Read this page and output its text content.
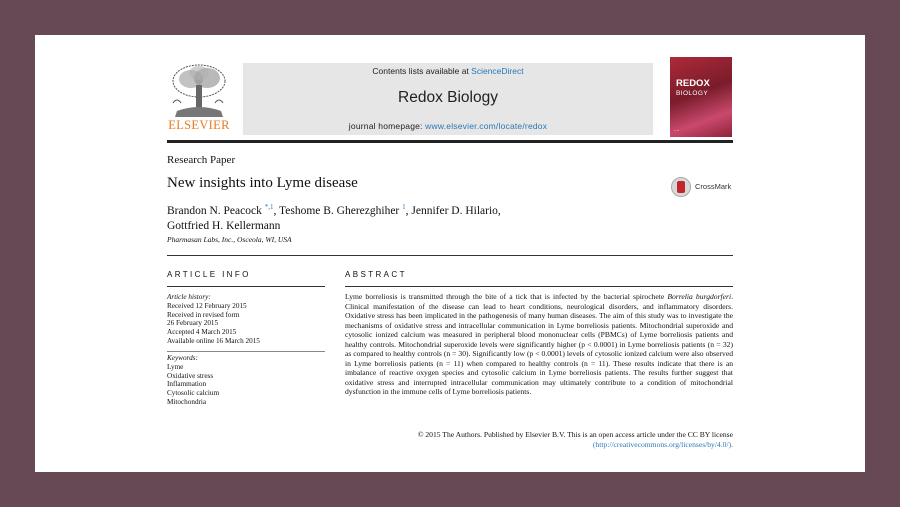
ELSEVIER
Contents lists available at ScienceDirect
Redox Biology
journal homepage: www.elsevier.com/locate/redox
REDOX
BIOLOGY
◦ ◦
Research Paper
New insights into Lyme disease
Brandon N. Peacock $^{*,1}$, Teshome B. Gherezghiher $^1$, Jennifer D. Hilario,
Gottfried H. Kellermann
Pharmasan Labs, Inc., Osceola, WI, USA
CrossMark
ARTICLE INFO	ABSTRACT
Article history:
Received 12 February 2015
Received in revised form
26 February 2015
Accepted 4 March 2015
Available online 16 March 2015
Keywords:
Lyme
Oxidative stress
Inflammation
Cytosolic calcium
Mitochondria
Lyme borreliosis is transmitted through the bite of a tick that is infected by the bacterial spirochete Borrelia burgdorferi. Clinical manifestation of the disease can lead to heart conditions, neurological disorders, and inflammatory disorders. Oxidative stress has been implicated in the pathogenesis of many human diseases. The aim of this study was to investigate the mechanisms of oxidative stress and intracellular communication in Lyme borreliosis patients. Mitochondrial superoxide and cytosolic ionized calcium was measured in peripheral blood mononuclear cells (PBMCs) of Lyme borreliosis patients and healthy controls. Mitochondrial superoxide levels were significantly higher (p < 0.0001) in Lyme borreliosis patients (n = 32) as compared to healthy controls (n = 30). Significantly low (p < 0.0001) levels of cytosolic ionized calcium were also observed in Lyme borreliosis patients (n = 11) when compared to healthy controls (n = 11). These results indicate that there is an imbalance of reactive oxygen species and cytosolic calcium in Lyme borreliosis patients. The results further suggest that oxidative stress and interrupted intracellular communication may ultimately contribute to a condition of mitochondrial dysfunction in the immune cells of Lyme borreliosis patients.
© 2015 The Authors. Published by Elsevier B.V. This is an open access article under the CC BY license
(http://creativecommons.org/licenses/by/4.0/).
